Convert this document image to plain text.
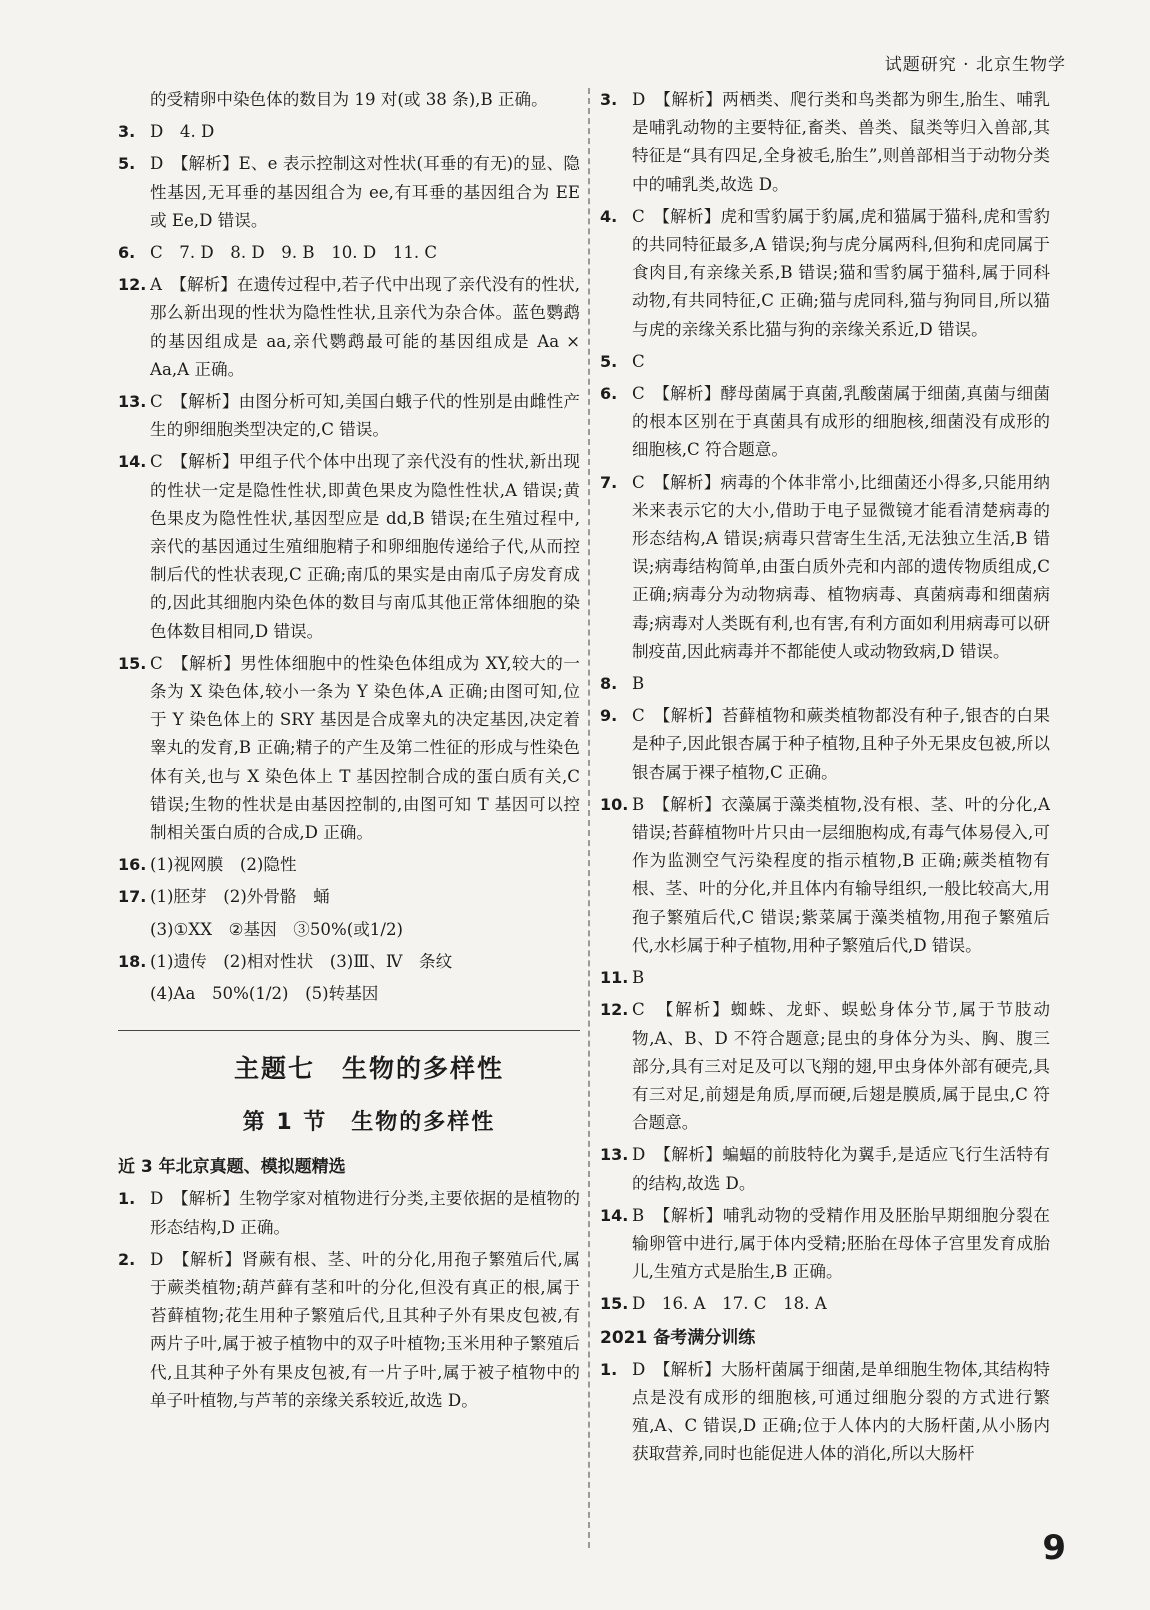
试题研究 · 北京生物学
的受精卵中染色体的数目为 19 对(或 38 条),B 正确。
3. D　4. D
5. D　【解析】E、e 表示控制这对性状(耳垂的有无)的显、隐性基因,无耳垂的基因组合为 ee,有耳垂的基因组合为 EE 或 Ee,D 错误。
6. C　7. D　8. D　9. B　10. D　11. C
12. A　【解析】在遗传过程中,若子代中出现了亲代没有的性状,那么新出现的性状为隐性性状,且亲代为杂合体。蓝色鹦鹉的基因组成是 aa,亲代鹦鹉最可能的基因组成是 Aa × Aa,A 正确。
13. C　【解析】由图分析可知,美国白蛾子代的性别是由雌性产生的卵细胞类型决定的,C 错误。
14. C　【解析】甲组子代个体中出现了亲代没有的性状,新出现的性状一定是隐性性状,即黄色果皮为隐性性状,A 错误;黄色果皮为隐性性状,基因型应是 dd,B 错误;在生殖过程中,亲代的基因通过生殖细胞精子和卵细胞传递给子代,从而控制后代的性状表现,C 正确;南瓜的果实是由南瓜子房发育成的,因此其细胞内染色体的数目与南瓜其他正常体细胞的染色体数目相同,D 错误。
15. C　【解析】男性体细胞中的性染色体组成为 XY,较大的一条为 X 染色体,较小一条为 Y 染色体,A 正确;由图可知,位于 Y 染色体上的 SRY 基因是合成睾丸的决定基因,决定着睾丸的发育,B 正确;精子的产生及第二性征的形成与性染色体有关,也与 X 染色体上 T 基因控制合成的蛋白质有关,C 错误;生物的性状是由基因控制的,由图可知 T 基因可以控制相关蛋白质的合成,D 正确。
16. (1)视网膜　(2)隐性
17. (1)胚芽　(2)外骨骼　蛹
(3)①XX　②基因　③50%(或1/2)
18. (1)遗传　(2)相对性状　(3)Ⅲ、Ⅳ　条纹
(4)Aa　50%(1/2)　(5)转基因
主题七　生物的多样性
第 1 节　生物的多样性
近 3 年北京真题、模拟题精选
1. D　【解析】生物学家对植物进行分类,主要依据的是植物的形态结构,D 正确。
2. D　【解析】肾蕨有根、茎、叶的分化,用孢子繁殖后代,属于蕨类植物;葫芦藓有茎和叶的分化,但没有真正的根,属于苔藓植物;花生用种子繁殖后代,且其种子外有果皮包被,有两片子叶,属于被子植物中的双子叶植物;玉米用种子繁殖后代,且其种子外有果皮包被,有一片子叶,属于被子植物中的单子叶植物,与芦苇的亲缘关系较近,故选 D。
3. D　【解析】两栖类、爬行类和鸟类都为卵生,胎生、哺乳是哺乳动物的主要特征,畜类、兽类、鼠类等归入兽部,其特征是“具有四足,全身被毛,胎生”,则兽部相当于动物分类中的哺乳类,故选 D。
4. C　【解析】虎和雪豹属于豹属,虎和猫属于猫科,虎和雪豹的共同特征最多,A 错误;狗与虎分属两科,但狗和虎同属于食肉目,有亲缘关系,B 错误;猫和雪豹属于猫科,属于同科动物,有共同特征,C 正确;猫与虎同科,猫与狗同目,所以猫与虎的亲缘关系比猫与狗的亲缘关系近,D 错误。
5. C
6. C　【解析】酵母菌属于真菌,乳酸菌属于细菌,真菌与细菌的根本区别在于真菌具有成形的细胞核,细菌没有成形的细胞核,C 符合题意。
7. C　【解析】病毒的个体非常小,比细菌还小得多,只能用纳米来表示它的大小,借助于电子显微镜才能看清楚病毒的形态结构,A 错误;病毒只营寄生生活,无法独立生活,B 错误;病毒结构简单,由蛋白质外壳和内部的遗传物质组成,C 正确;病毒分为动物病毒、植物病毒、真菌病毒和细菌病毒;病毒对人类既有利,也有害,有利方面如利用病毒可以研制疫苗,因此病毒并不都能使人或动物致病,D 错误。
8. B
9. C　【解析】苔藓植物和蕨类植物都没有种子,银杏的白果是种子,因此银杏属于种子植物,且种子外无果皮包被,所以银杏属于裸子植物,C 正确。
10. B　【解析】衣藻属于藻类植物,没有根、茎、叶的分化,A 错误;苔藓植物叶片只由一层细胞构成,有毒气体易侵入,可作为监测空气污染程度的指示植物,B 正确;蕨类植物有根、茎、叶的分化,并且体内有输导组织,一般比较高大,用孢子繁殖后代,C 错误;紫菜属于藻类植物,用孢子繁殖后代,水杉属于种子植物,用种子繁殖后代,D 错误。
11. B
12. C　【解析】蜘蛛、龙虾、蜈蚣身体分节,属于节肢动物,A、B、D 不符合题意;昆虫的身体分为头、胸、腹三部分,具有三对足及可以飞翔的翅,甲虫身体外部有硬壳,具有三对足,前翅是角质,厚而硬,后翅是膜质,属于昆虫,C 符合题意。
13. D　【解析】蝙蝠的前肢特化为翼手,是适应飞行生活特有的结构,故选 D。
14. B　【解析】哺乳动物的受精作用及胚胎早期细胞分裂在输卵管中进行,属于体内受精;胚胎在母体子宫里发育成胎儿,生殖方式是胎生,B 正确。
15. D　16. A　17. C　18. A
2021 备考满分训练
1. D　【解析】大肠杆菌属于细菌,是单细胞生物体,其结构特点是没有成形的细胞核,可通过细胞分裂的方式进行繁殖,A、C 错误,D 正确;位于人体内的大肠杆菌,从小肠内获取营养,同时也能促进人体的消化,所以大肠杆
9
